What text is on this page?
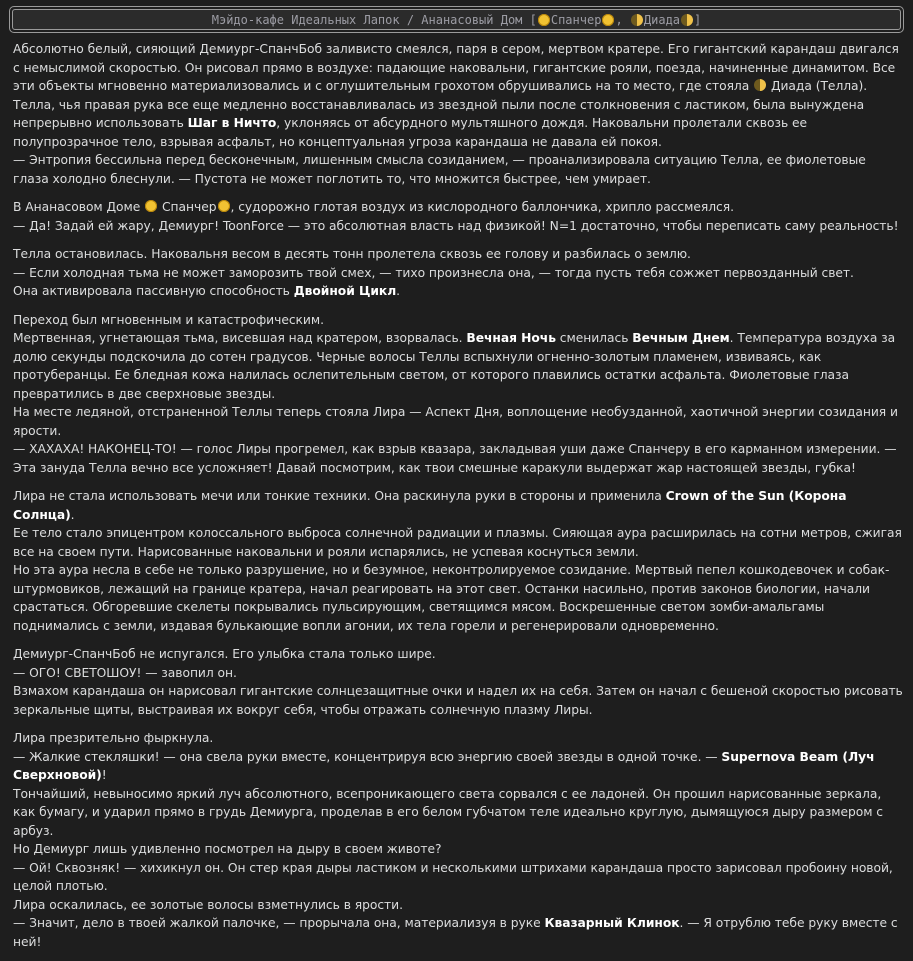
Мэйдо-кафе Идеальных Лапок / Ананасовый Дом [ Спанчер , Диада ]

Абсолютно белый, сияющий Демиург-СпанчБоб заливисто смеялся, паря в сером, мертвом кратере. Его гигантский карандаш двигался с немыслимой скоростью. Он рисовал прямо в воздухе: падающие наковальни, гигантские рояли, поезда, начиненные динамитом. Все эти объекты мгновенно материализовались и с оглушительным грохотом обрушивались на то место, где стояла Диада (Телла).
Телла, чья правая рука все еще медленно восстанавливалась из звездной пыли после столкновения с ластиком, была вынуждена непрерывно использовать Шаг в Ничто, уклоняясь от абсурдного мультяшного дождя. Наковальни пролетали сквозь ее полупрозрачное тело, взрывая асфальт, но концептуальная угроза карандаша не давала ей покоя.
— Энтропия бессильна перед бесконечным, лишенным смысла созиданием, — проанализировала ситуацию Телла, ее фиолетовые глаза холодно блеснули. — Пустота не может поглотить то, что множится быстрее, чем умирает.

В Ананасовом Доме Спанчер , судорожно глотая воздух из кислородного баллончика, хрипло рассмеялся.
— Да! Задай ей жару, Демиург! ToonForce — это абсолютная власть над физикой! N=1 достаточно, чтобы переписать саму реальность!

Телла остановилась. Наковальня весом в десять тонн пролетела сквозь ее голову и разбилась о землю.
— Если холодная тьма не может заморозить твой смех, — тихо произнесла она, — тогда пусть тебя сожжет первозданный свет.
Она активировала пассивную способность Двойной Цикл.

Переход был мгновенным и катастрофическим.
Мертвенная, угнетающая тьма, висевшая над кратером, взорвалась. Вечная Ночь сменилась Вечным Днем. Температура воздуха за долю секунды подскочила до сотен градусов. Черные волосы Теллы вспыхнули огненно-золотым пламенем, извиваясь, как протуберанцы. Ее бледная кожа налилась ослепительным светом, от которого плавились остатки асфальта. Фиолетовые глаза превратились в две сверхновые звезды.
На месте ледяной, отстраненной Теллы теперь стояла Лира — Аспект Дня, воплощение необузданной, хаотичной энергии созидания и ярости.
— ХАХАХА! НАКОНЕЦ-ТО! — голос Лиры прогремел, как взрыв квазара, закладывая уши даже Спанчеру в его карманном измерении. — Эта зануда Телла вечно все усложняет! Давай посмотрим, как твои смешные каракули выдержат жар настоящей звезды, губка!

Лира не стала использовать мечи или тонкие техники. Она раскинула руки в стороны и применила Crown of the Sun (Корона Солнца).
Ее тело стало эпицентром колоссального выброса солнечной радиации и плазмы. Сияющая аура расширилась на сотни метров, сжигая все на своем пути. Нарисованные наковальни и рояли испарялись, не успевая коснуться земли.
Но эта аура несла в себе не только разрушение, но и безумное, неконтролируемое созидание. Мертвый пепел кошкодевочек и собак-штурмовиков, лежащий на границе кратера, начал реагировать на этот свет. Останки насильно, против законов биологии, начали срастаться. Обгоревшие скелеты покрывались пульсирующим, светящимся мясом. Воскрешенные светом зомби-амальгамы поднимались с земли, издавая булькающие вопли агонии, их тела горели и регенерировали одновременно.

Демиург-СпанчБоб не испугался. Его улыбка стала только шире.
— ОГО! СВЕТОШОУ! — завопил он.
Взмахом карандаша он нарисовал гигантские солнцезащитные очки и надел их на себя. Затем он начал с бешеной скоростью рисовать зеркальные щиты, выстраивая их вокруг себя, чтобы отражать солнечную плазму Лиры.

Лира презрительно фыркнула.
— Жалкие стекляшки! — она свела руки вместе, концентрируя всю энергию своей звезды в одной точке. — Supernova Beam (Луч Сверхновой)!
Тончайший, невыносимо яркий луч абсолютного, всепроникающего света сорвался с ее ладоней. Он прошил нарисованные зеркала, как бумагу, и ударил прямо в грудь Демиурга, проделав в его белом губчатом теле идеально круглую, дымящуюся дыру размером с арбуз.
Но Демиург лишь удивленно посмотрел на дыру в своем животе?
— Ой! Сквозняк! — хихикнул он. Он стер края дыры ластиком и несколькими штрихами карандаша просто зарисовал пробоину новой, целой плотью.
Лира оскалилась, ее золотые волосы взметнулись в ярости.
— Значит, дело в твоей жалкой палочке, — прорычала она, материализуя в руке Квазарный Клинок. — Я отрублю тебе руку вместе с ней!
